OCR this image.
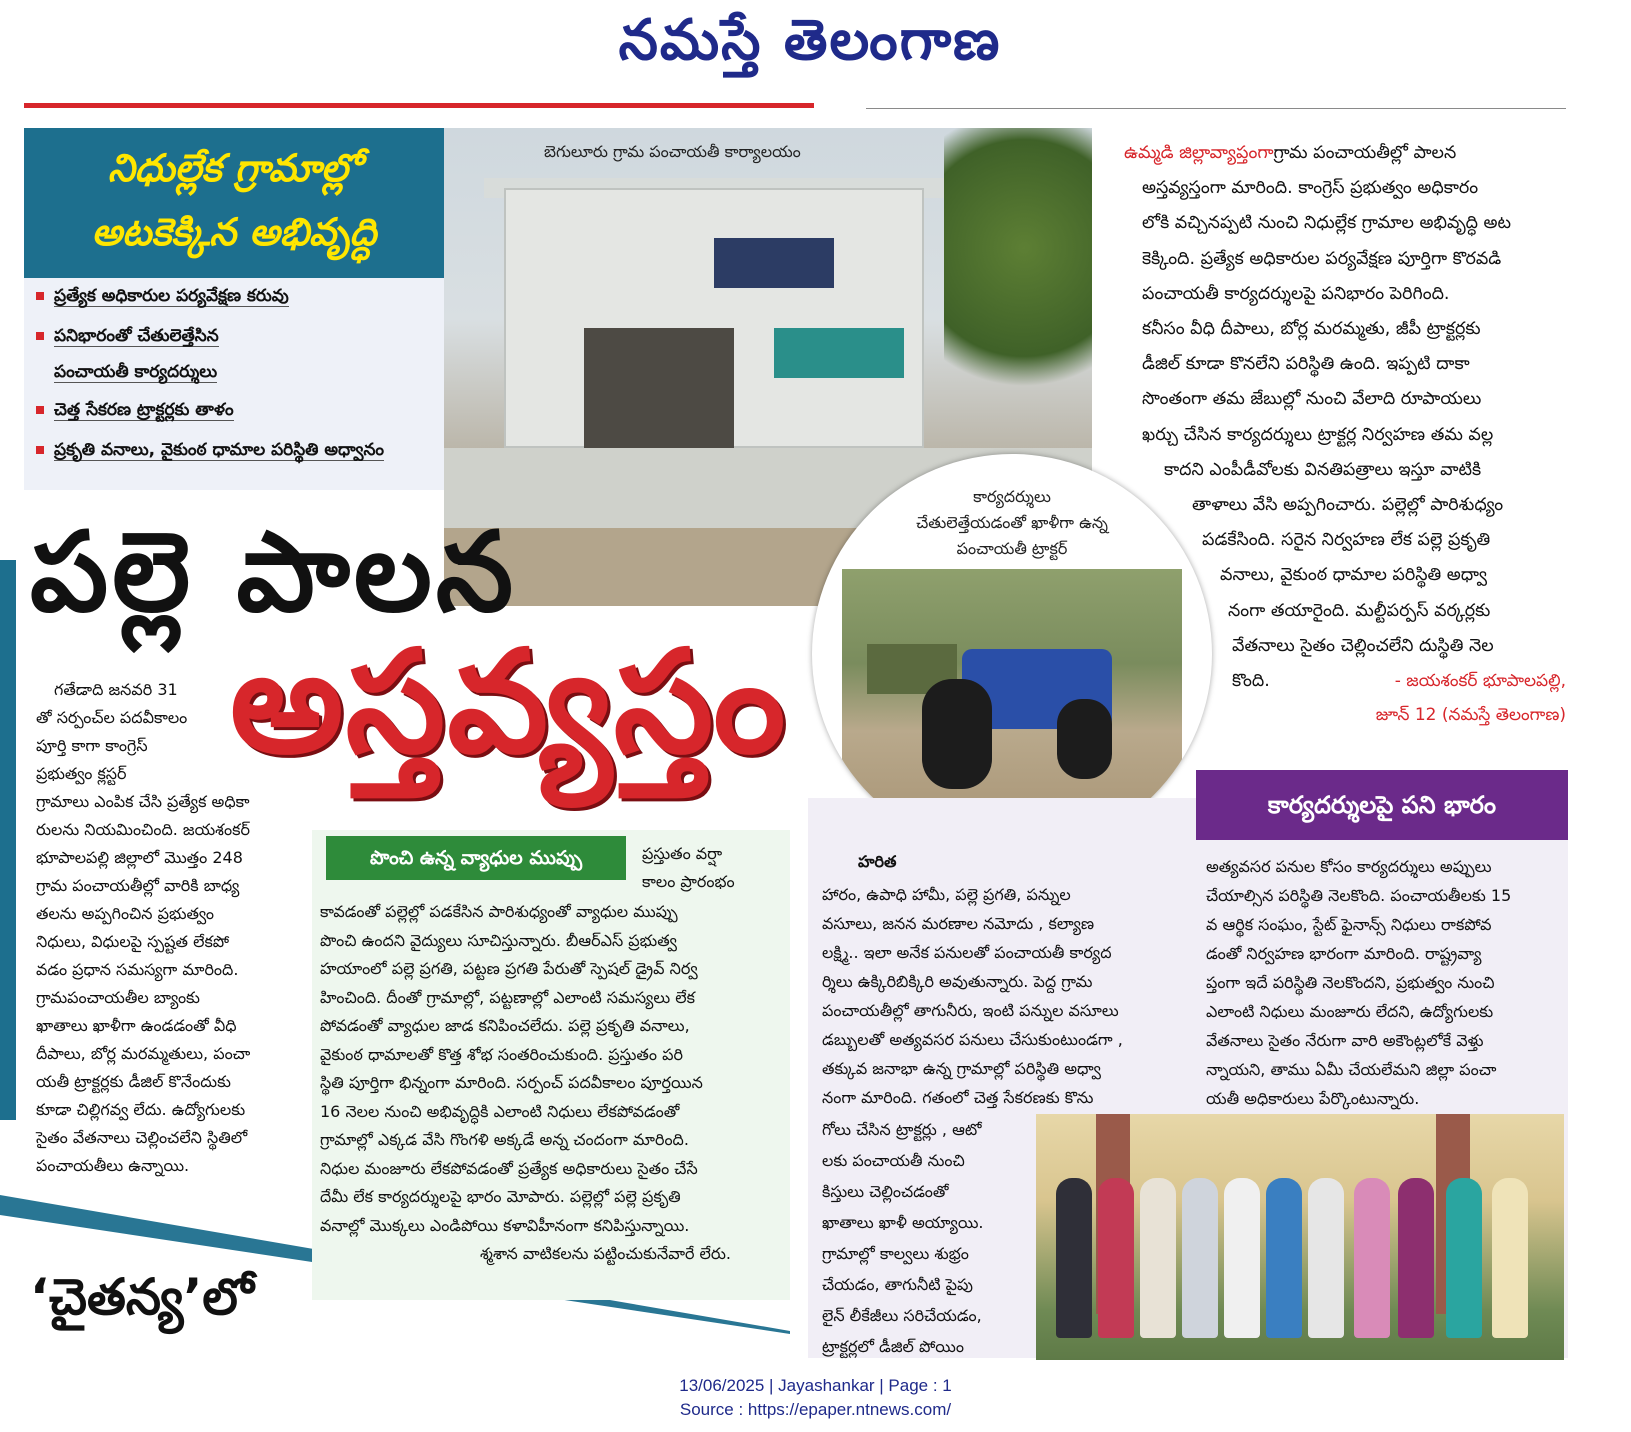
నమస్తే తెలంగాణ
నిధుల్లేక గ్రామాల్లో
అటకెక్కిన అభివృద్ధి
ప్రత్యేక అధికారుల పర్యవేక్షణ కరువు
పనిభారంతో చేతులెత్తేసిన
పంచాయతీ కార్యదర్శులు
చెత్త సేకరణ ట్రాక్టర్లకు తాళం
ప్రకృతి వనాలు, వైకుంఠ ధామాల పరిస్థితి అధ్వానం
బెగులూరు గ్రామ పంచాయతీ కార్యాలయం
కార్యదర్శులు
చేతులెత్తేయడంతో ఖాళీగా ఉన్న
పంచాయతీ ట్రాక్టర్
పల్లె పాలన
అస్తవ్యస్తం
గతేడాది జనవరి 31
తో సర్పంచ్‌ల పదవీకాలం
పూర్తి కాగా కాంగ్రెస్‌
ప్రభుత్వం క్లస్టర్‌
గ్రామాలు ఎంపిక చేసి ప్రత్యేక అధికా
రులను నియమించింది. జయశంకర్‌
భూపాలపల్లి జిల్లాలో మొత్తం 248
గ్రామ పంచాయతీల్లో వారికి బాధ్య
తలను అప్పగించిన ప్రభుత్వం
నిధులు, విధులపై స్పష్టత లేకపో
వడం ప్రధాన సమస్యగా మారింది.
గ్రామపంచాయతీల బ్యాంకు
ఖాతాలు ఖాళీగా ఉండడంతో వీధి
దీపాలు, బోర్ల మరమ్మతులు, పంచా
యతీ ట్రాక్టర్లకు డీజిల్‌ కొనేందుకు
కూడా చిల్లిగవ్వ లేదు. ఉద్యోగులకు
సైతం వేతనాలు చెల్లించలేని స్థితిలో
పంచాయతీలు ఉన్నాయి.
పొంచి ఉన్న వ్యాధుల ముప్పు	ప్రస్తుతం వర్షా
కాలం ప్రారంభం
కావడంతో పల్లెల్లో పడకేసిన పారిశుధ్యంతో వ్యాధుల ముప్పు
పొంచి ఉందని వైద్యులు సూచిస్తున్నారు. బీఆర్‌ఎస్‌ ప్రభుత్వ
హయాంలో పల్లె ప్రగతి, పట్టణ ప్రగతి పేరుతో స్పెషల్‌ డ్రైవ్‌ నిర్వ
హించింది. దీంతో గ్రామాల్లో, పట్టణాల్లో ఎలాంటి సమస్యలు లేక
పోవడంతో వ్యాధుల జాడ కనిపించలేదు. పల్లె ప్రకృతి వనాలు,
వైకుంఠ ధామాలతో కొత్త శోభ సంతరించుకుంది. ప్రస్తుతం పరి
స్థితి పూర్తిగా భిన్నంగా మారింది. సర్పంచ్‌ పదవీకాలం పూర్తయిన
16 నెలల నుంచి అభివృద్ధికి ఎలాంటి నిధులు లేకపోవడంతో
గ్రామాల్లో ఎక్కడ వేసి గొంగళి అక్కడే అన్న చందంగా మారింది.
నిధుల మంజూరు లేకపోవడంతో ప్రత్యేక అధికారులు సైతం చేసే
దేమీ లేక కార్యదర్శులపై భారం మోపారు. పల్లెల్లో పల్లె ప్రకృతి
వనాల్లో మొక్కలు ఎండిపోయి కళావిహీనంగా కనిపిస్తున్నాయి.
శ్మశాన వాటికలను పట్టించుకునేవారే లేరు.
కార్యదర్శులపై పని భారం
హరిత
హారం, ఉపాధి హామీ, పల్లె ప్రగతి, పన్నుల
వసూలు, జనన మరణాల నమోదు , కల్యాణ
లక్ష్మి.. ఇలా అనేక పనులతో పంచాయతీ కార్యద
ర్శిలు ఉక్కిరిబిక్కిరి అవుతున్నారు. పెద్ద గ్రామ
పంచాయతీల్లో తాగునీరు, ఇంటి పన్నుల వసూలు
డబ్బులతో అత్యవసర పనులు చేసుకుంటుండగా ,
తక్కువ జనాభా ఉన్న గ్రామాల్లో పరిస్థితి అధ్వా
నంగా మారింది. గతంలో చెత్త సేకరణకు కొను
గోలు చేసిన ట్రాక్టర్లు , ఆటో
లకు పంచాయతీ నుంచి
కిస్తులు చెల్లించడంతో
ఖాతాలు ఖాళీ అయ్యాయి.
గ్రామాల్లో కాల్వలు శుభ్రం
చేయడం, తాగునీటి పైపు
లైన్‌ లీకేజీలు సరిచేయడం,
ట్రాక్టర్లలో డీజిల్‌ పోయిం
అత్యవసర పనుల కోసం కార్యదర్శులు అప్పులు
చేయాల్సిన పరిస్థితి నెలకొంది. పంచాయతీలకు 15
వ ఆర్థిక సంఘం, స్టేట్‌ ఫైనాన్స్‌ నిధులు రాకపోవ
డంతో నిర్వహణ భారంగా మారింది. రాష్ట్రవ్యా
ప్తంగా ఇదే పరిస్థితి నెలకొందని, ప్రభుత్వం నుంచి
ఎలాంటి నిధులు మంజూరు లేదని, ఉద్యోగులకు
వేతనాలు సైతం నేరుగా వారి అకౌంట్లలోకే వెళ్తు
న్నాయని, తాము ఏమీ చేయలేమని జిల్లా పంచా
యతీ అధికారులు పేర్కొంటున్నారు.
ఉమ్మడి జిల్లావ్యాప్తంగాగ్రామ పంచాయతీల్లో పాలన
అస్తవ్యస్తంగా మారింది. కాంగ్రెస్‌ ప్రభుత్వం అధికారం
లోకి వచ్చినప్పటి నుంచి నిధుల్లేక గ్రామాల అభివృద్ధి అట
కెక్కింది. ప్రత్యేక అధికారుల పర్యవేక్షణ పూర్తిగా కొరవడి
పంచాయతీ కార్యదర్శులపై పనిభారం పెరిగింది.
కనీసం వీధి దీపాలు, బోర్ల మరమ్మతు, జీపీ ట్రాక్టర్లకు
డీజిల్‌ కూడా కొనలేని పరిస్థితి ఉంది. ఇప్పటి దాకా
సొంతంగా తమ జేబుల్లో నుంచి వేలాది రూపాయలు
ఖర్చు చేసిన కార్యదర్శులు ట్రాక్టర్ల నిర్వహణ తమ వల్ల
కాదని ఎంపీడీవోలకు వినతిపత్రాలు ఇస్తూ వాటికి
తాళాలు వేసి అప్పగించారు. పల్లెల్లో పారిశుధ్యం
పడకేసింది. సరైన నిర్వహణ లేక పల్లె ప్రకృతి
వనాలు, వైకుంఠ ధామాల పరిస్థితి అధ్వా
నంగా తయారైంది. మల్టీపర్పస్‌ వర్కర్లకు
వేతనాలు సైతం చెల్లించలేని దుస్థితి నెల
కొంది.	- జయశంకర్‌ భూపాలపల్లి,
జూన్‌ 12 (నమస్తే తెలంగాణ)
‘చైతన్య’లో
13/06/2025 | Jayashankar | Page : 1
Source : https://epaper.ntnews.com/
